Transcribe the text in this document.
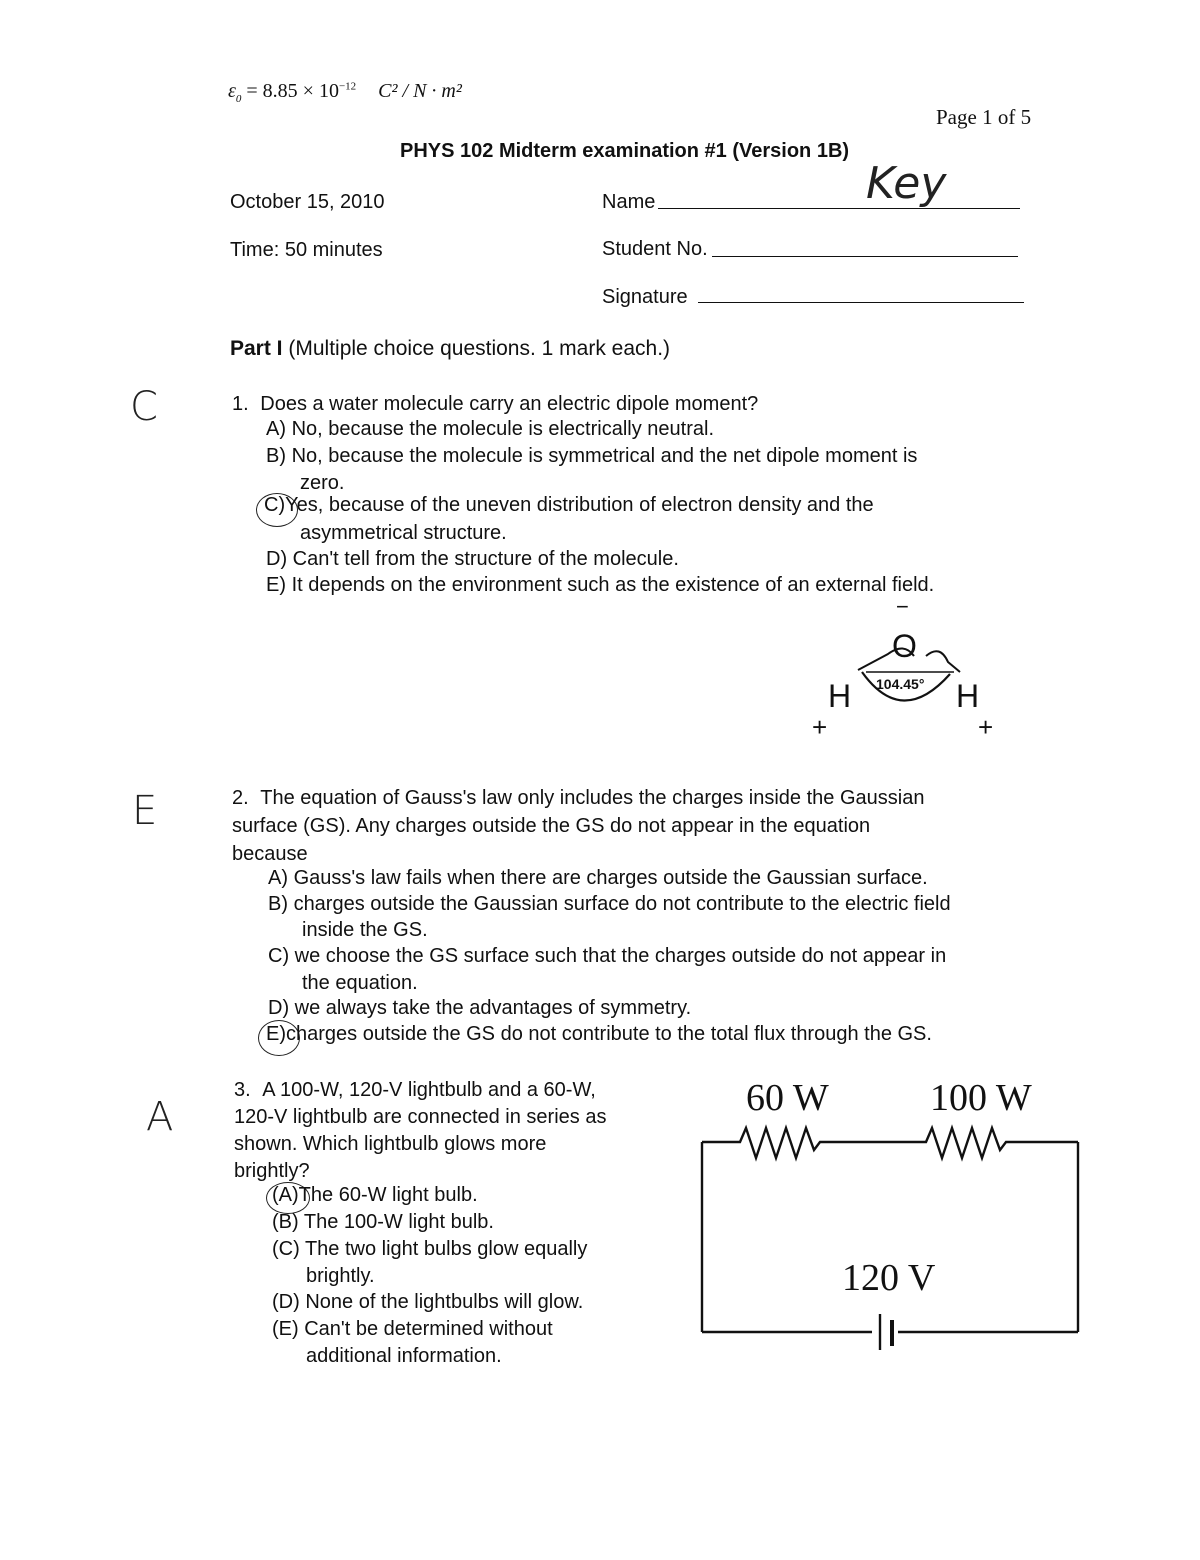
$\varepsilon_0 = 8.85 \times 10^{-12}$ C² / N · m²
Page 1 of 5
PHYS 102 Midterm examination #1 (Version 1B)
October 15, 2010
Time: 50 minutes
Name	Key
Student No.
Signature
Part I (Multiple choice questions. 1 mark each.)
C	1. Does a water molecule carry an electric dipole moment?
A) No, because the molecule is electrically neutral.
B) No, because the molecule is symmetrical and the net dipole moment is
zero.
C)Yes, because of the uneven distribution of electron density and the
asymmetrical structure.
D) Can't tell from the structure of the molecule.
E) It depends on the environment such as the existence of an external field.
−
O
H	H
104.45°
+	+
E	2. The equation of Gauss's law only includes the charges inside the Gaussian
surface (GS). Any charges outside the GS do not appear in the equation
because
A) Gauss's law fails when there are charges outside the Gaussian surface.
B) charges outside the Gaussian surface do not contribute to the electric field
inside the GS.
C) we choose the GS surface such that the charges outside do not appear in
the equation.
D) we always take the advantages of symmetry.
E)charges outside the GS do not contribute to the total flux through the GS.
A
3. A 100-W, 120-V lightbulb and a 60-W,
120-V lightbulb are connected in series as
shown. Which lightbulb glows more
brightly?
(A)The 60-W light bulb.
(B) The 100-W light bulb.
(C) The two light bulbs glow equally
brightly.
(D) None of the lightbulbs will glow.
(E) Can't be determined without
additional information.
60 W	100 W
120 V
